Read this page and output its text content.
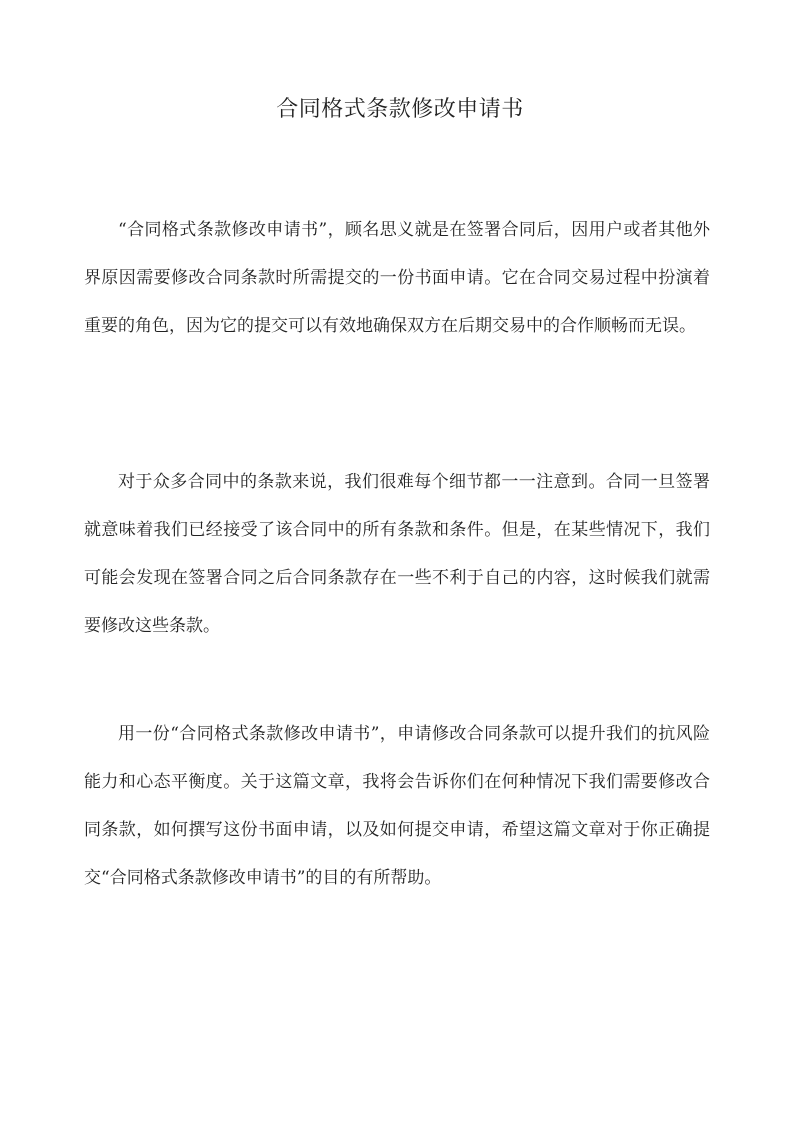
合同格式条款修改申请书

“合同格式条款修改申请书”，顾名思义就是在签署合同后，因用户或者其他外界原因需要修改合同条款时所需提交的一份书面申请。它在合同交易过程中扮演着重要的角色，因为它的提交可以有效地确保双方在后期交易中的合作顺畅而无误。

对于众多合同中的条款来说，我们很难每个细节都一一注意到。合同一旦签署就意味着我们已经接受了该合同中的所有条款和条件。但是，在某些情况下，我们可能会发现在签署合同之后合同条款存在一些不利于自己的内容，这时候我们就需要修改这些条款。

用一份“合同格式条款修改申请书”，申请修改合同条款可以提升我们的抗风险能力和心态平衡度。关于这篇文章，我将会告诉你们在何种情况下我们需要修改合同条款，如何撰写这份书面申请，以及如何提交申请，希望这篇文章对于你正确提交“合同格式条款修改申请书”的目的有所帮助。
